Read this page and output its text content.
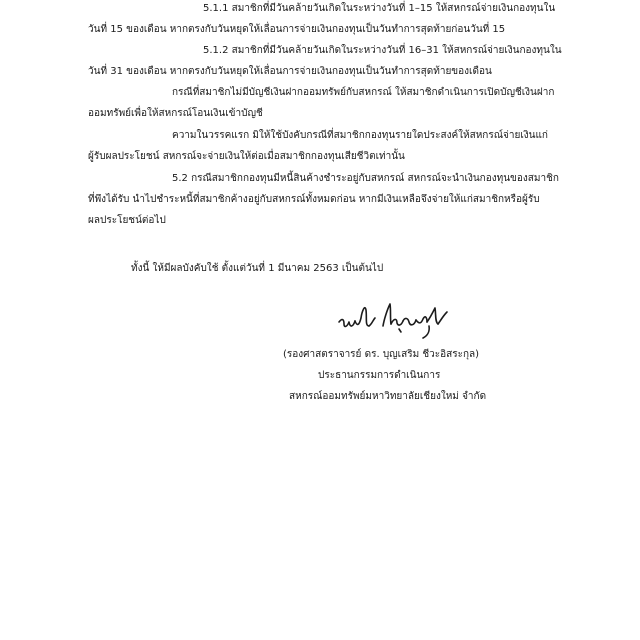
5.1.1 สมาชิกที่มีวันคล้ายวันเกิดในระหว่างวันที่ 1–15 ให้สหกรณ์จ่ายเงินกองทุนใน
วันที่ 15 ของเดือน หากตรงกับวันหยุดให้เลื่อนการจ่ายเงินกองทุนเป็นวันทำการสุดท้ายก่อนวันที่ 15
5.1.2 สมาชิกที่มีวันคล้ายวันเกิดในระหว่างวันที่ 16–31 ให้สหกรณ์จ่ายเงินกองทุนใน
วันที่ 31 ของเดือน หากตรงกับวันหยุดให้เลื่อนการจ่ายเงินกองทุนเป็นวันทำการสุดท้ายของเดือน
กรณีที่สมาชิกไม่มีบัญชีเงินฝากออมทรัพย์กับสหกรณ์ ให้สมาชิกดำเนินการเปิดบัญชีเงินฝาก
ออมทรัพย์เพื่อให้สหกรณ์โอนเงินเข้าบัญชี
ความในวรรคแรก มิให้ใช้บังคับกรณีที่สมาชิกกองทุนรายใดประสงค์ให้สหกรณ์จ่ายเงินแก่
ผู้รับผลประโยชน์ สหกรณ์จะจ่ายเงินให้ต่อเมื่อสมาชิกกองทุนเสียชีวิตเท่านั้น
5.2 กรณีสมาชิกกองทุนมีหนี้สินค้างชำระอยู่กับสหกรณ์ สหกรณ์จะนำเงินกองทุนของสมาชิก
ที่พึงได้รับ นำไปชำระหนี้ที่สมาชิกค้างอยู่กับสหกรณ์ทั้งหมดก่อน หากมีเงินเหลือจึงจ่ายให้แก่สมาชิกหรือผู้รับ
ผลประโยชน์ต่อไป
ทั้งนี้ ให้มีผลบังคับใช้ ตั้งแต่วันที่ 1 มีนาคม 2563 เป็นต้นไป
(รองศาสตราจารย์ ดร. บุญเสริม ชีวะอิสระกุล)
ประธานกรรมการดำเนินการ
สหกรณ์ออมทรัพย์มหาวิทยาลัยเชียงใหม่ จำกัด
